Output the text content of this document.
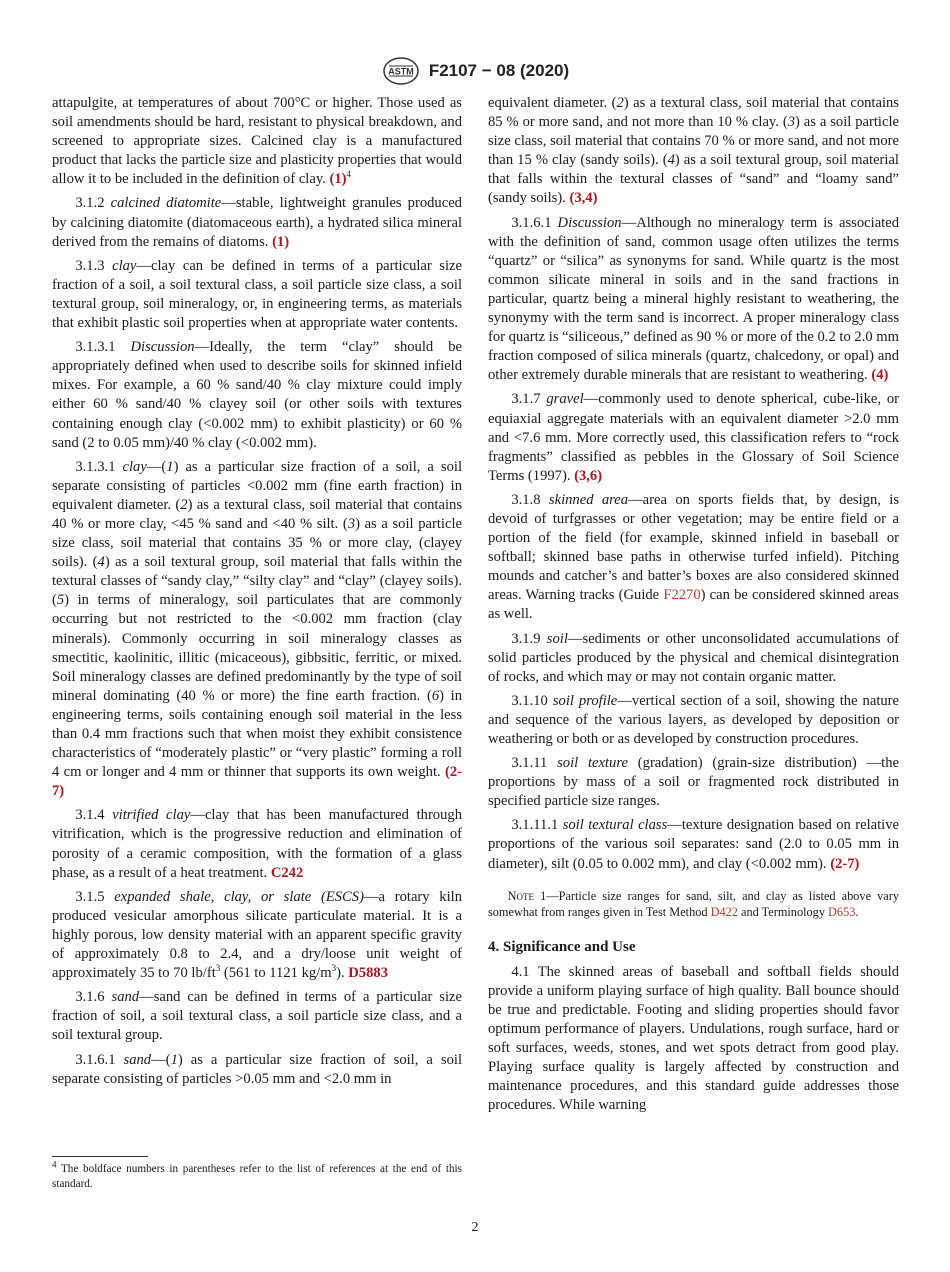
ASTM F2107 − 08 (2020)

attapulgite, at temperatures of about 700°C or higher. Those used as soil amendments should be hard, resistant to physical breakdown, and screened to appropriate sizes. Calcined clay is a manufactured product that lacks the particle size and plasticity properties that would allow it to be included in the definition of clay. $(1)^4$

3.1.2 calcined diatomite—stable, lightweight granules produced by calcining diatomite (diatomaceous earth), a hydrated silica mineral derived from the remains of diatoms. (1)

3.1.3 clay—clay can be defined in terms of a particular size fraction of a soil, a soil textural class, a soil particle size class, a soil textural group, soil mineralogy, or, in engineering terms, as materials that exhibit plastic soil properties when at appropriate water contents.

3.1.3.1 Discussion—Ideally, the term “clay” should be appropriately defined when used to describe soils for skinned infield mixes. For example, a 60 % sand/40 % clay mixture could imply either 60 % sand/40 % clayey soil (or other soils with textures containing enough clay (<0.002 mm) to exhibit plasticity) or 60 % sand (2 to 0.05 mm)/40 % clay (<0.002 mm).

3.1.3.1 clay—(1) as a particular size fraction of a soil, a soil separate consisting of particles <0.002 mm (fine earth fraction) in equivalent diameter. (2) as a textural class, soil material that contains 40 % or more clay, <45 % sand and <40 % silt. (3) as a soil particle size class, soil material that contains 35 % or more clay, (clayey soils). (4) as a soil textural group, soil material that falls within the textural classes of “sandy clay,” “silty clay” and “clay” (clayey soils). (5) in terms of mineralogy, soil particulates that are commonly occurring but not restricted to the <0.002 mm fraction (clay minerals). Commonly occurring in soil mineralogy classes as smectitic, kaolinitic, illitic (micaceous), gibbsitic, ferritic, or mixed. Soil mineralogy classes are defined predominantly by the type of soil mineral dominating (40 % or more) the fine earth fraction. (6) in engineering terms, soils containing enough soil material in the less than 0.4 mm fractions such that when moist they exhibit consistence characteristics of “moderately plastic” or “very plastic” forming a roll 4 cm or longer and 4 mm or thinner that supports its own weight. (2-7)

3.1.4 vitrified clay—clay that has been manufactured through vitrification, which is the progressive reduction and elimination of porosity of a ceramic composition, with the formation of a glass phase, as a result of a heat treatment. C242

3.1.5 expanded shale, clay, or slate (ESCS)—a rotary kiln produced vesicular amorphous silicate particulate material. It is a highly porous, low density material with an apparent specific gravity of approximately 0.8 to 2.4, and a dry/loose unit weight of approximately 35 to 70 $lb/ft^3$ (561 to 1121 $kg/m^3$). D5883

3.1.6 sand—sand can be defined in terms of a particular size fraction of soil, a soil textural class, a soil particle size class, and a soil textural group.

3.1.6.1 sand—(1) as a particular size fraction of soil, a soil separate consisting of particles >0.05 mm and <2.0 mm in

equivalent diameter. (2) as a textural class, soil material that contains 85 % or more sand, and not more than 10 % clay. (3) as a soil particle size class, soil material that contains 70 % or more sand, and not more than 15 % clay (sandy soils). (4) as a soil textural group, soil material that falls within the textural classes of “sand” and “loamy sand” (sandy soils). (3,4)

3.1.6.1 Discussion—Although no mineralogy term is associated with the definition of sand, common usage often utilizes the terms “quartz” or “silica” as synonyms for sand. While quartz is the most common silicate mineral in soils and in the sand fractions in particular, quartz being a mineral highly resistant to weathering, the synonymy with the term sand is incorrect. A proper mineralogy class for quartz is “siliceous,” defined as 90 % or more of the 0.2 to 2.0 mm fraction composed of silica minerals (quartz, chalcedony, or opal) and other extremely durable minerals that are resistant to weathering. (4)

3.1.7 gravel—commonly used to denote spherical, cube-like, or equiaxial aggregate materials with an equivalent diameter >2.0 mm and <7.6 mm. More correctly used, this classification refers to “rock fragments” classified as pebbles in the Glossary of Soil Science Terms (1997). (3,6)

3.1.8 skinned area—area on sports fields that, by design, is devoid of turfgrasses or other vegetation; may be entire field or a portion of the field (for example, skinned infield in baseball or softball; skinned base paths in otherwise turfed infield). Pitching mounds and catcher’s and batter’s boxes are also considered skinned areas. Warning tracks (Guide F2270) can be considered skinned areas as well.

3.1.9 soil—sediments or other unconsolidated accumulations of solid particles produced by the physical and chemical disintegration of rocks, and which may or may not contain organic matter.

3.1.10 soil profile—vertical section of a soil, showing the nature and sequence of the various layers, as developed by deposition or weathering or both or as developed by construction procedures.

3.1.11 soil texture (gradation) (grain-size distribution) —the proportions by mass of a soil or fragmented rock distributed in specified particle size ranges.

3.1.11.1 soil textural class—texture designation based on relative proportions of the various soil separates: sand (2.0 to 0.05 mm in diameter), silt (0.05 to 0.002 mm), and clay (<0.002 mm). (2-7)

Note 1—Particle size ranges for sand, silt, and clay as listed above vary somewhat from ranges given in Test Method D422 and Terminology D653.
4. Significance and Use

4.1 The skinned areas of baseball and softball fields should provide a uniform playing surface of high quality. Ball bounce should be true and predictable. Footing and sliding properties should favor optimum performance of players. Undulations, rough surface, hard or soft surfaces, weeds, stones, and wet spots detract from good play. Playing surface quality is largely affected by construction and maintenance procedures, and this standard guide addresses those procedures. While warning

$^4$ The boldface numbers in parentheses refer to the list of references at the end of this standard.
2
